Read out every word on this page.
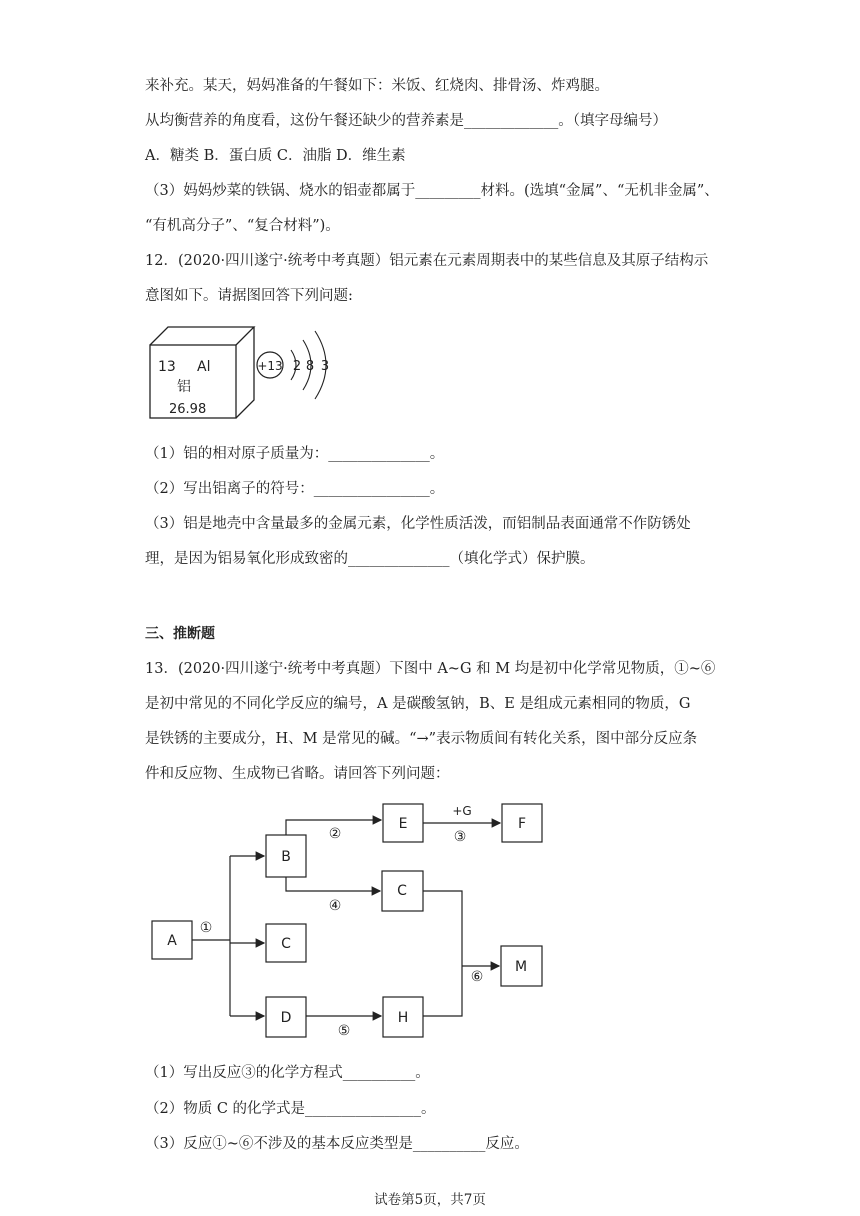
来补充。某天，妈妈准备的午餐如下：米饭、红烧肉、排骨汤、炸鸡腿。
从均衡营养的角度看，这份午餐还缺少的营养素是_____________。（填字母编号）
A．糖类 B．蛋白质 C．油脂 D．维生素
（3）妈妈炒菜的铁锅、烧水的铝壶都属于_________材料。(选填“金属”、“无机非金属”、
“有机高分子”、“复合材料”)。
12．(2020·四川遂宁·统考中考真题）铝元素在元素周期表中的某些信息及其原子结构示
意图如下。请据图回答下列问题:
13 Al
铝
26.98
+13 2 8 3
（1）铝的相对原子质量为：______________。
（2）写出铝离子的符号：________________。
（3）铝是地壳中含量最多的金属元素，化学性质活泼，而铝制品表面通常不作防锈处
理，是因为铝易氧化形成致密的______________（填化学式）保护膜。
三、推断题
13．(2020·四川遂宁·统考中考真题）下图中 A~G 和 M 均是初中化学常见物质，①~⑥
是初中常见的不同化学反应的编号，A 是碳酸氢钠，B、E 是组成元素相同的物质，G
是铁锈的主要成分，H、M 是常见的碱。“→”表示物质间有转化关系，图中部分反应条
件和反应物、生成物已省略。请回答下列问题：
A
B
E	F
C
C
M
D	H
①
②	③
+G
④
⑤
⑥
（1）写出反应③的化学方程式__________。
（2）物质 C 的化学式是________________。
（3）反应①~⑥不涉及的基本反应类型是__________反应。
试卷第5页，共7页
